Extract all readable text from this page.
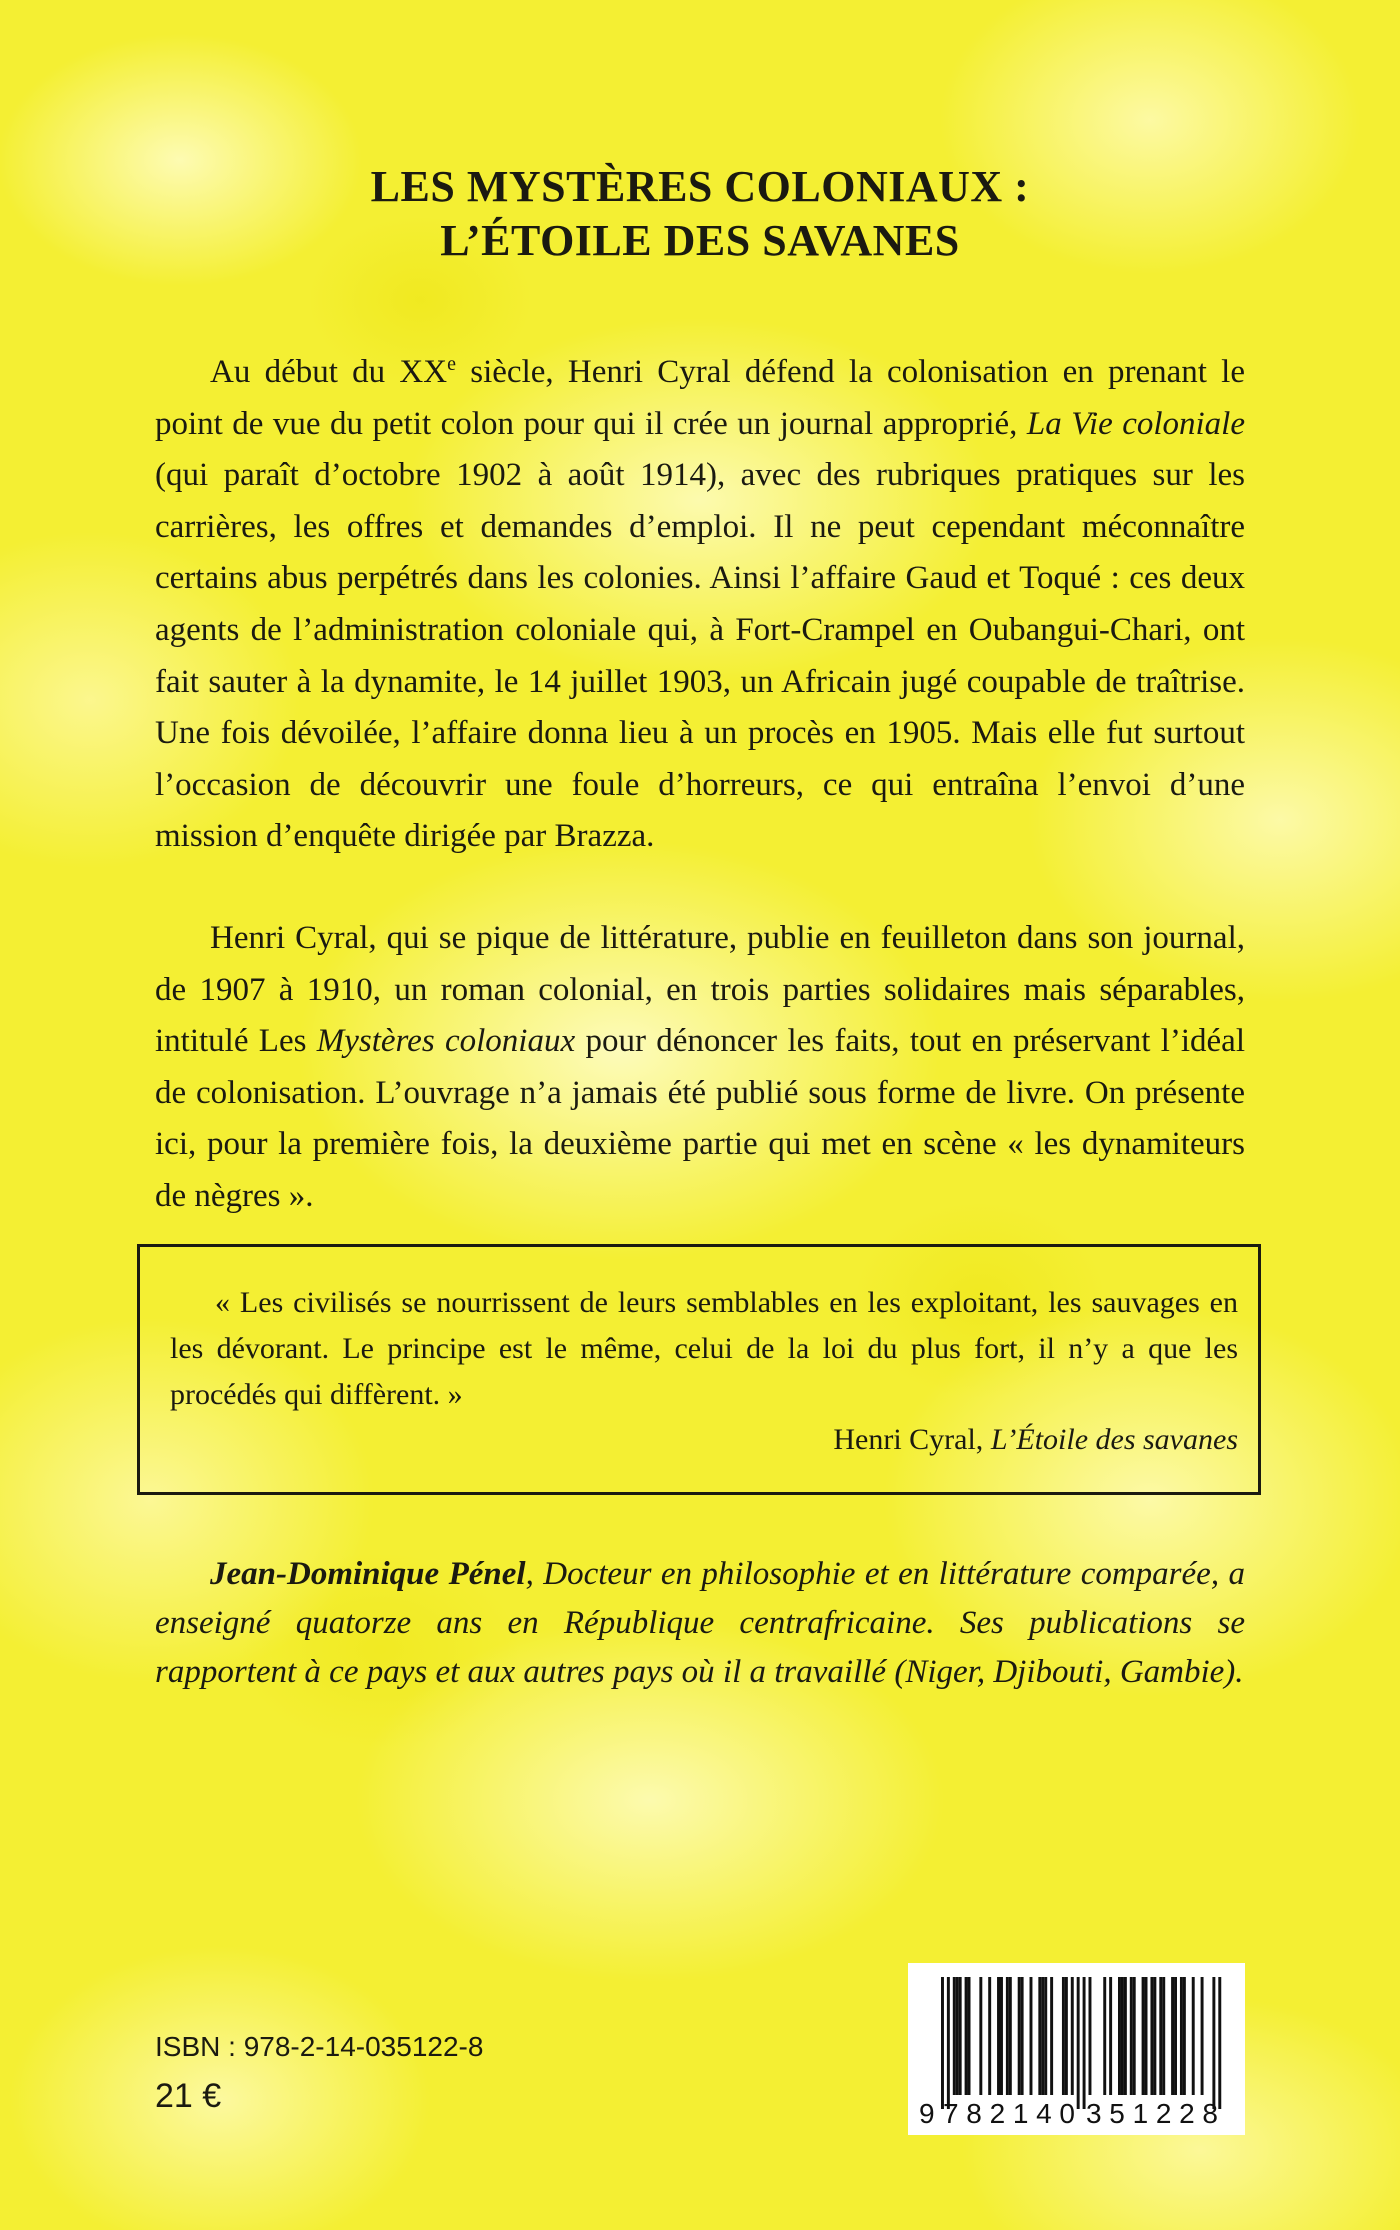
LES MYSTÈRES COLONIAUX :
L’ÉTOILE DES SAVANES

Au début du XXe siècle, Henri Cyral défend la colonisation en prenant le point de vue du petit colon pour qui il crée un journal approprié, La Vie coloniale (qui paraît d’octobre 1902 à août 1914), avec des rubriques pratiques sur les carrières, les offres et demandes d’emploi. Il ne peut cependant méconnaître certains abus perpétrés dans les colonies. Ainsi l’affaire Gaud et Toqué : ces deux agents de l’administration coloniale qui, à Fort-Crampel en Oubangui-Chari, ont fait sauter à la dynamite, le 14 juillet 1903, un Africain jugé coupable de traîtrise. Une fois dévoilée, l’affaire donna lieu à un procès en 1905. Mais elle fut surtout l’occasion de découvrir une foule d’horreurs, ce qui entraîna l’envoi d’une mission d’enquête dirigée par Brazza.

Henri Cyral, qui se pique de littérature, publie en feuilleton dans son journal, de 1907 à 1910, un roman colonial, en trois parties solidaires mais séparables, intitulé Les Mystères coloniaux pour dénoncer les faits, tout en préservant l’idéal de colonisation. L’ouvrage n’a jamais été publié sous forme de livre. On présente ici, pour la première fois, la deuxième partie qui met en scène « les dynamiteurs de nègres ».

« Les civilisés se nourrissent de leurs semblables en les exploitant, les sauvages en les dévorant. Le principe est le même, celui de la loi du plus fort, il n’y a que les procédés qui diffèrent. »

Henri Cyral, L’Étoile des savanes

Jean-Dominique Pénel, Docteur en philosophie et en littérature comparée, a enseigné quatorze ans en République centrafricaine. Ses publications se rapportent à ce pays et aux autres pays où il a travaillé (Niger, Djibouti, Gambie).

ISBN : 978-2-14-035122-8
21 €	9 782140 351228
